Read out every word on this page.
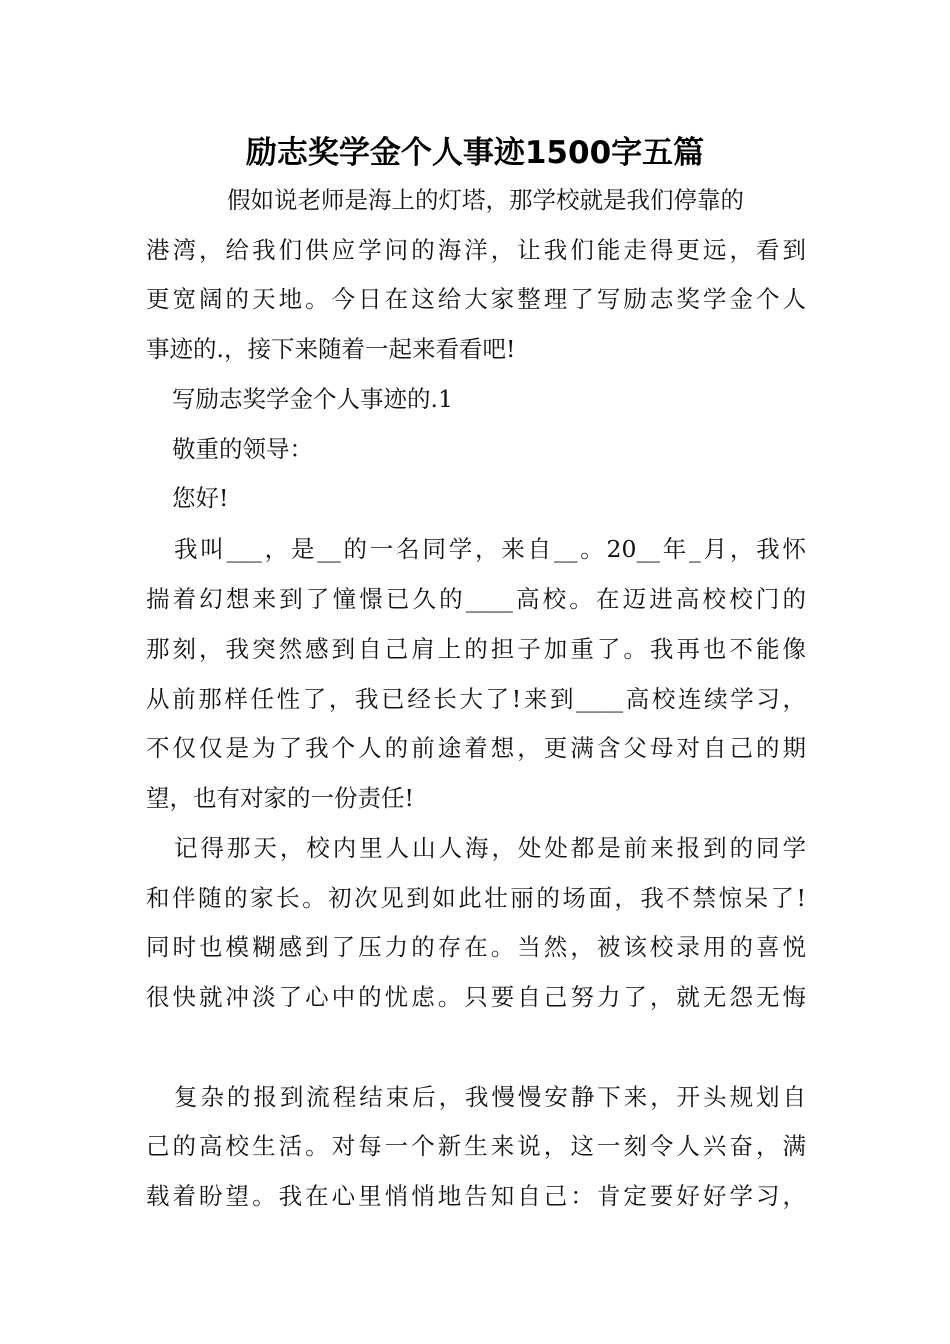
励志奖学金个人事迹1500字五篇

假如说老师是海上的灯塔，那学校就是我们停靠的

港湾，给我们供应学问的海洋，让我们能走得更远，看到

更宽阔的天地。今日在这给大家整理了写励志奖学金个人

事迹的.，接下来随着一起来看看吧!

写励志奖学金个人事迹的.1

敬重的领导：

您好!

我叫___，是__的一名同学，来自__。20__年_月，我怀

揣着幻想来到了憧憬已久的____高校。在迈进高校校门的

那刻，我突然感到自己肩上的担子加重了。我再也不能像

从前那样任性了，我已经长大了!来到____高校连续学习，

不仅仅是为了我个人的前途着想，更满含父母对自己的期

望，也有对家的一份责任!

记得那天，校内里人山人海，处处都是前来报到的同学

和伴随的家长。初次见到如此壮丽的场面，我不禁惊呆了!

同时也模糊感到了压力的存在。当然，被该校录用的喜悦

很快就冲淡了心中的忧虑。只要自己努力了，就无怨无悔

复杂的报到流程结束后，我慢慢安静下来，开头规划自

己的高校生活。对每一个新生来说，这一刻令人兴奋，满

载着盼望。我在心里悄悄地告知自己：肯定要好好学习，
